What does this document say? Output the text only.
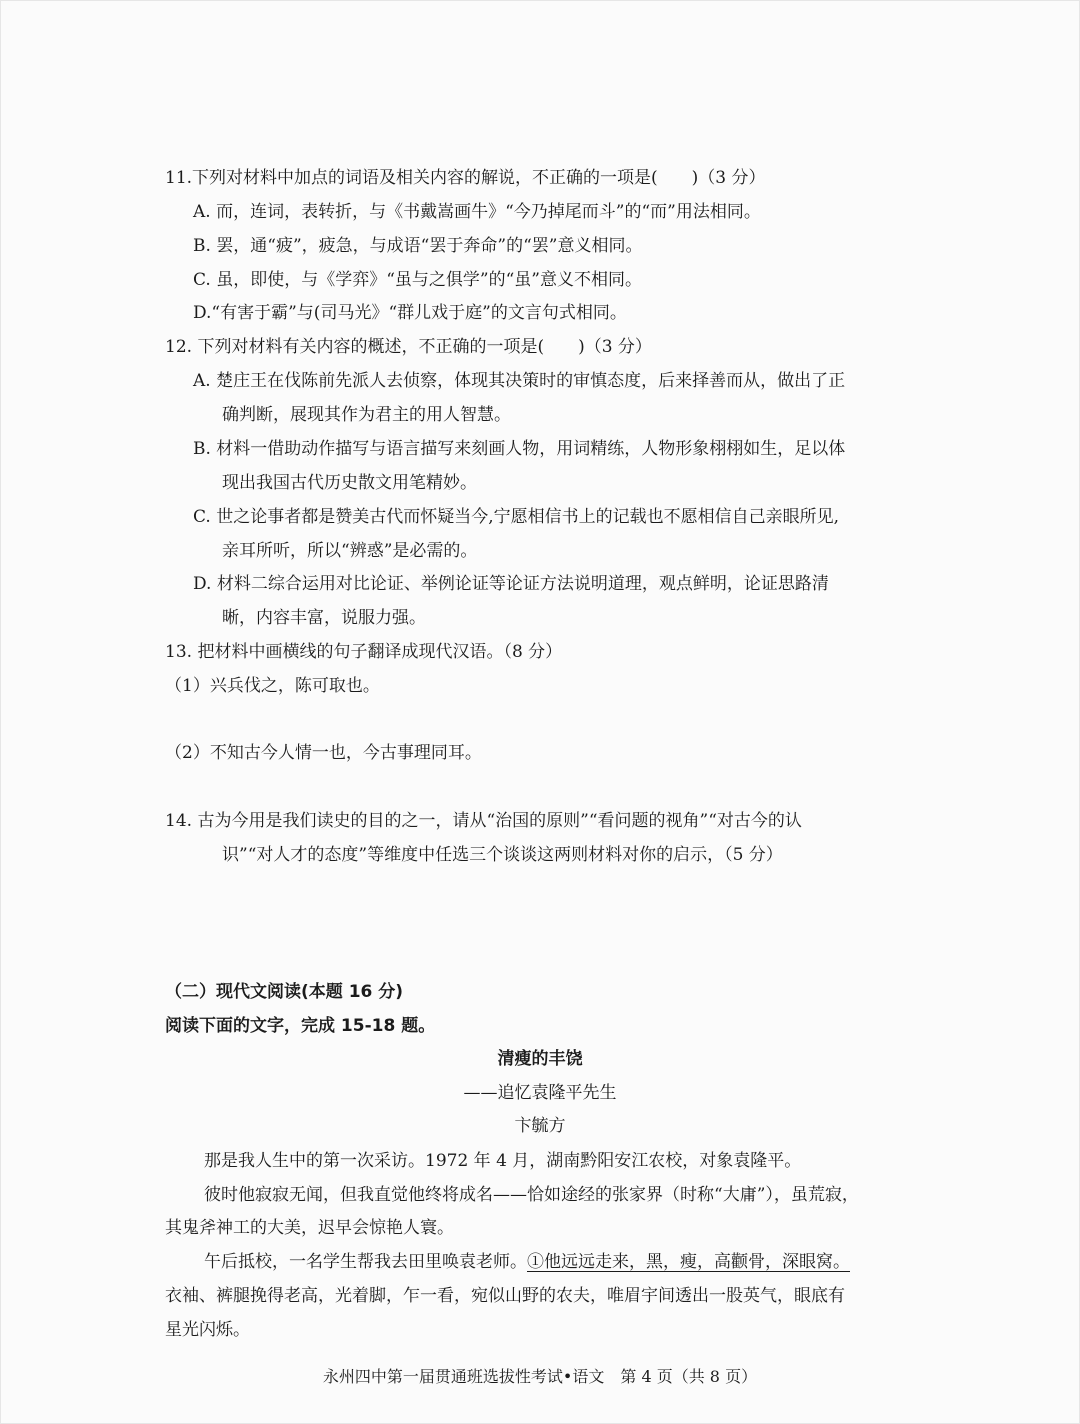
11.下列对材料中加点的词语及相关内容的解说，不正确的一项是(　　)（3 分）
A. 而，连词，表转折，与《书戴嵩画牛》“今乃掉尾而斗”的“而”用法相同。
B. 罢，通“疲”，疲急，与成语“罢于奔命”的“罢”意义相同。
C. 虽，即使，与《学弈》“虽与之俱学”的“虽”意义不相同。
D.“有害于霸”与(司马光》“群儿戏于庭”的文言句式相同。
12. 下列对材料有关内容的概述，不正确的一项是(　　)（3 分）
A. 楚庄王在伐陈前先派人去侦察，体现其决策时的审慎态度，后来择善而从，做出了正
确判断，展现其作为君主的用人智慧。
B. 材料一借助动作描写与语言描写来刻画人物，用词精练，人物形象栩栩如生，足以体
现出我国古代历史散文用笔精妙。
C. 世之论事者都是赞美古代而怀疑当今,宁愿相信书上的记载也不愿相信自己亲眼所见,
亲耳所听，所以“辨惑”是必需的。
D. 材料二综合运用对比论证、举例论证等论证方法说明道理，观点鲜明，论证思路清
晰，内容丰富，说服力强。
13. 把材料中画横线的句子翻译成现代汉语。（8 分）
（1）兴兵伐之，陈可取也。
（2）不知古今人情一也，今古事理同耳。
14. 古为今用是我们读史的目的之一，请从“治国的原则”“看问题的视角”“对古今的认
识”“对人才的态度”等维度中任选三个谈谈这两则材料对你的启示，（5 分）
（二）现代文阅读(本题 16 分)
阅读下面的文字，完成 15-18 题。
清瘦的丰饶
——追忆袁隆平先生
卞毓方
那是我人生中的第一次采访。1972 年 4 月，湖南黔阳安江农校，对象袁隆平。
彼时他寂寂无闻，但我直觉他终将成名——恰如途经的张家界（时称“大庸”），虽荒寂，
其鬼斧神工的大美，迟早会惊艳人寰。
午后抵校，一名学生帮我去田里唤袁老师。①他远远走来，黑，瘦，高颧骨，深眼窝。
衣袖、裤腿挽得老高，光着脚，乍一看，宛似山野的农夫，唯眉宇间透出一股英气，眼底有
星光闪烁。
永州四中第一届贯通班选拔性考试•语文　第 4 页（共 8 页）
